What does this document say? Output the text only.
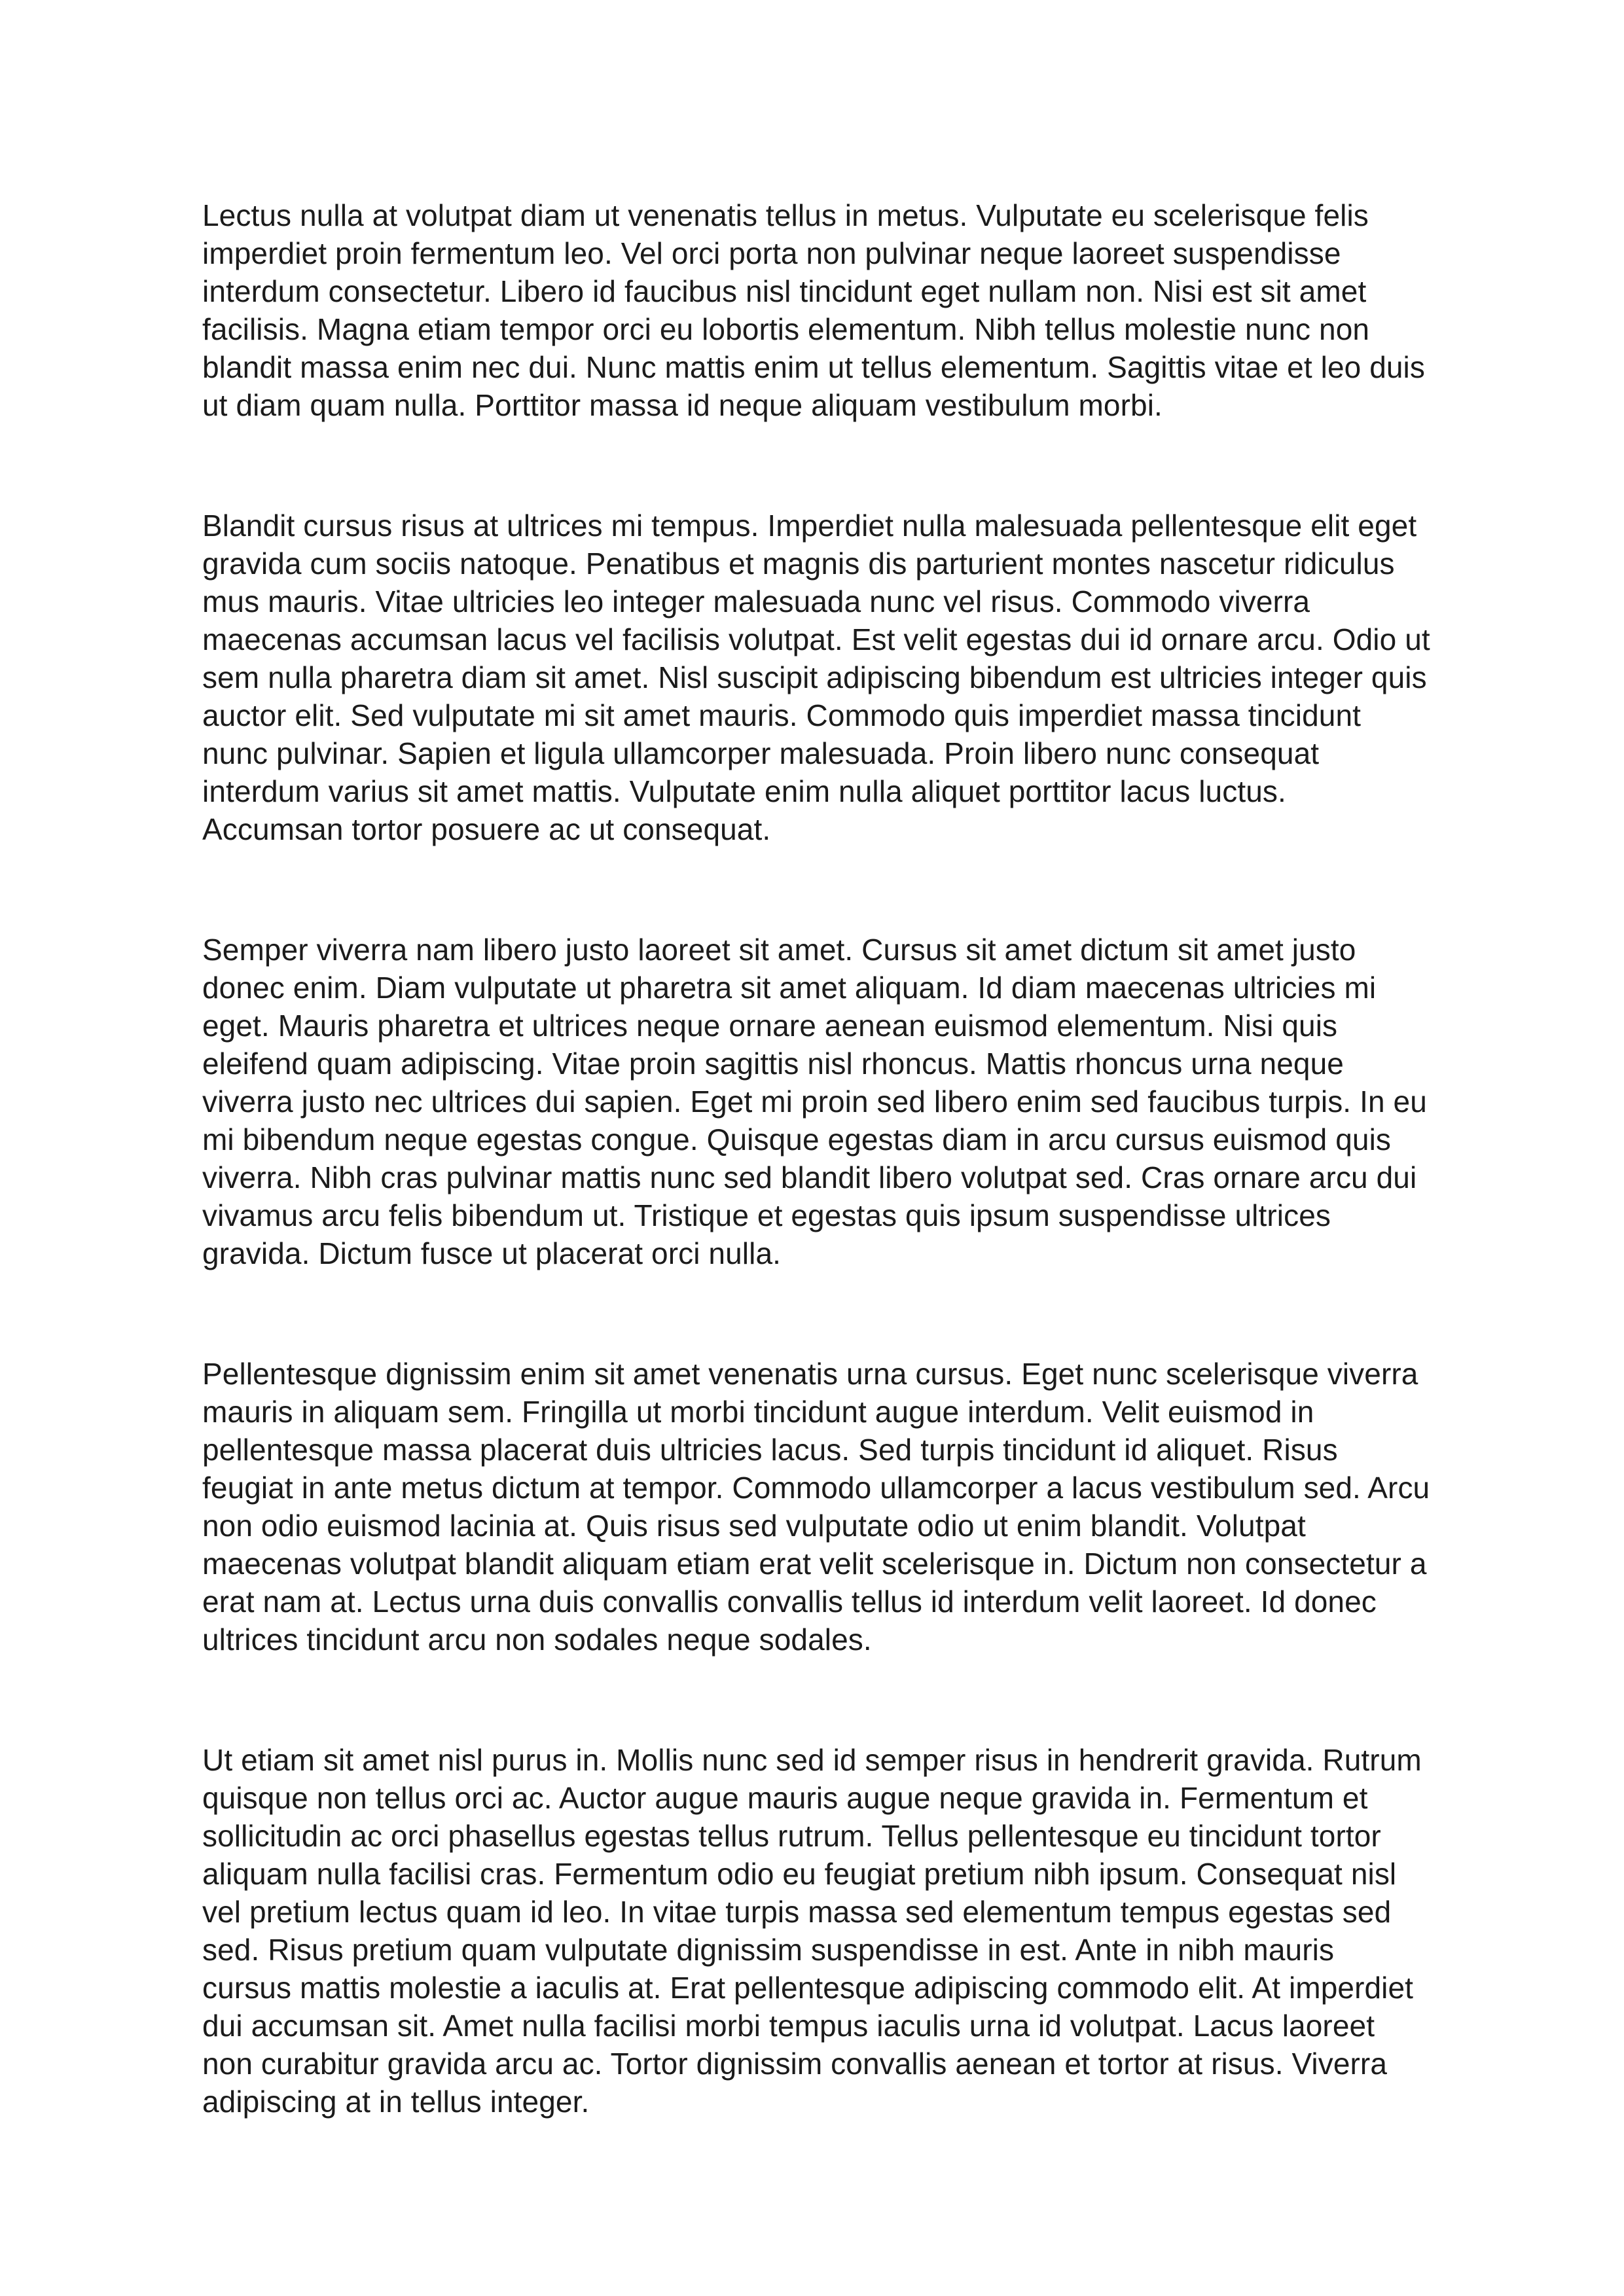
Lectus nulla at volutpat diam ut venenatis tellus in metus. Vulputate eu scelerisque felis imperdiet proin fermentum leo. Vel orci porta non pulvinar neque laoreet suspendisse interdum consectetur. Libero id faucibus nisl tincidunt eget nullam non. Nisi est sit amet facilisis. Magna etiam tempor orci eu lobortis elementum. Nibh tellus molestie nunc non blandit massa enim nec dui. Nunc mattis enim ut tellus elementum. Sagittis vitae et leo duis ut diam quam nulla. Porttitor massa id neque aliquam vestibulum morbi.

Blandit cursus risus at ultrices mi tempus. Imperdiet nulla malesuada pellentesque elit eget gravida cum sociis natoque. Penatibus et magnis dis parturient montes nascetur ridiculus mus mauris. Vitae ultricies leo integer malesuada nunc vel risus. Commodo viverra maecenas accumsan lacus vel facilisis volutpat. Est velit egestas dui id ornare arcu. Odio ut sem nulla pharetra diam sit amet. Nisl suscipit adipiscing bibendum est ultricies integer quis auctor elit. Sed vulputate mi sit amet mauris. Commodo quis imperdiet massa tincidunt nunc pulvinar. Sapien et ligula ullamcorper malesuada. Proin libero nunc consequat interdum varius sit amet mattis. Vulputate enim nulla aliquet porttitor lacus luctus. Accumsan tortor posuere ac ut consequat.

Semper viverra nam libero justo laoreet sit amet. Cursus sit amet dictum sit amet justo donec enim. Diam vulputate ut pharetra sit amet aliquam. Id diam maecenas ultricies mi eget. Mauris pharetra et ultrices neque ornare aenean euismod elementum. Nisi quis eleifend quam adipiscing. Vitae proin sagittis nisl rhoncus. Mattis rhoncus urna neque viverra justo nec ultrices dui sapien. Eget mi proin sed libero enim sed faucibus turpis. In eu mi bibendum neque egestas congue. Quisque egestas diam in arcu cursus euismod quis viverra. Nibh cras pulvinar mattis nunc sed blandit libero volutpat sed. Cras ornare arcu dui vivamus arcu felis bibendum ut. Tristique et egestas quis ipsum suspendisse ultrices gravida. Dictum fusce ut placerat orci nulla.

Pellentesque dignissim enim sit amet venenatis urna cursus. Eget nunc scelerisque viverra mauris in aliquam sem. Fringilla ut morbi tincidunt augue interdum. Velit euismod in pellentesque massa placerat duis ultricies lacus. Sed turpis tincidunt id aliquet. Risus feugiat in ante metus dictum at tempor. Commodo ullamcorper a lacus vestibulum sed. Arcu non odio euismod lacinia at. Quis risus sed vulputate odio ut enim blandit. Volutpat maecenas volutpat blandit aliquam etiam erat velit scelerisque in. Dictum non consectetur a erat nam at. Lectus urna duis convallis convallis tellus id interdum velit laoreet. Id donec ultrices tincidunt arcu non sodales neque sodales.

Ut etiam sit amet nisl purus in. Mollis nunc sed id semper risus in hendrerit gravida. Rutrum quisque non tellus orci ac. Auctor augue mauris augue neque gravida in. Fermentum et sollicitudin ac orci phasellus egestas tellus rutrum. Tellus pellentesque eu tincidunt tortor aliquam nulla facilisi cras. Fermentum odio eu feugiat pretium nibh ipsum. Consequat nisl vel pretium lectus quam id leo. In vitae turpis massa sed elementum tempus egestas sed sed. Risus pretium quam vulputate dignissim suspendisse in est. Ante in nibh mauris cursus mattis molestie a iaculis at. Erat pellentesque adipiscing commodo elit. At imperdiet dui accumsan sit. Amet nulla facilisi morbi tempus iaculis urna id volutpat. Lacus laoreet non curabitur gravida arcu ac. Tortor dignissim convallis aenean et tortor at risus. Viverra adipiscing at in tellus integer.
